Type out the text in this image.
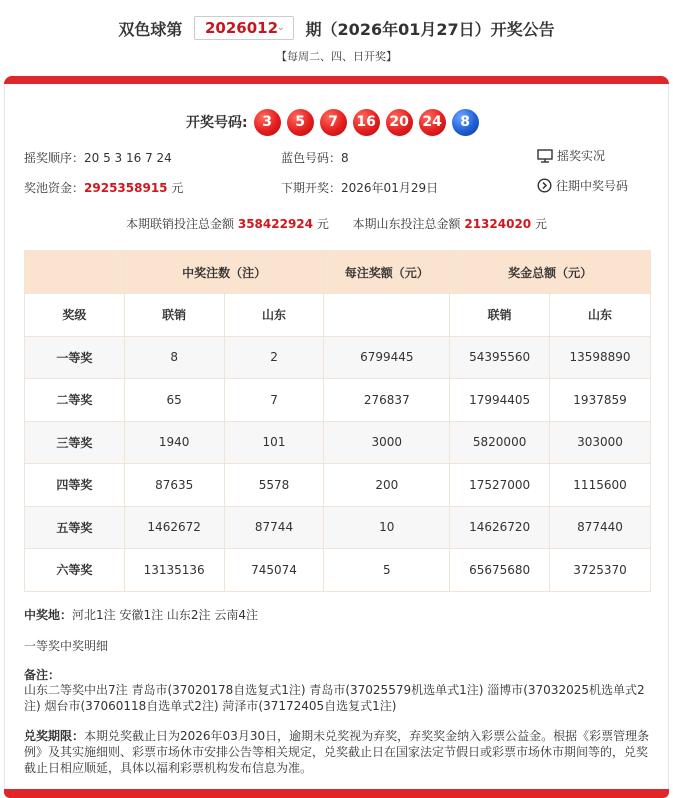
双色球第 2026012
⌄ 期（2026年01月27日）开奖公告
【每周二、四、日开奖】
开奖号码:	3	5	7	16 20 24	8
摇奖顺序：20 5 3 16 7 24	蓝色号码：8	摇奖实况
奖池资金：2925358915 元	下期开奖：2026年01月29日	往期中奖号码
本期联销投注总金额 358422924 元 本期山东投注总金额 21324020 元
	中奖注数（注）		每注奖额（元）	奖金总额（元）	
奖级	联销	山东		联销	山东
一等奖	8	2	6799445	54395560	13598890
二等奖	65	7	276837	17994405	1937859
三等奖	1940	101	3000	5820000	303000
四等奖	87635	5578	200	17527000	1115600
五等奖	1462672	87744	10	14626720	877440
六等奖	13135136	745074	5	65675680	3725370
中奖地：河北1注 安徽1注 山东2注 云南4注
一等奖中奖明细
备注：
山东二等奖中出7注 青岛市(37020178自选复式1注) 青岛市(37025579机选单式1注) 淄博市(37032025机选单式2注) 烟台市(37060118自选单式2注) 菏泽市(37172405自选复式1注)
兑奖期限：本期兑奖截止日为2026年03月30日，逾期未兑奖视为弃奖，弃奖奖金纳入彩票公益金。根据《彩票管理条例》及其实施细则、彩票市场休市安排公告等相关规定，兑奖截止日在国家法定节假日或彩票市场休市期间等的，兑奖截止日相应顺延，具体以福利彩票机构发布信息为准。
